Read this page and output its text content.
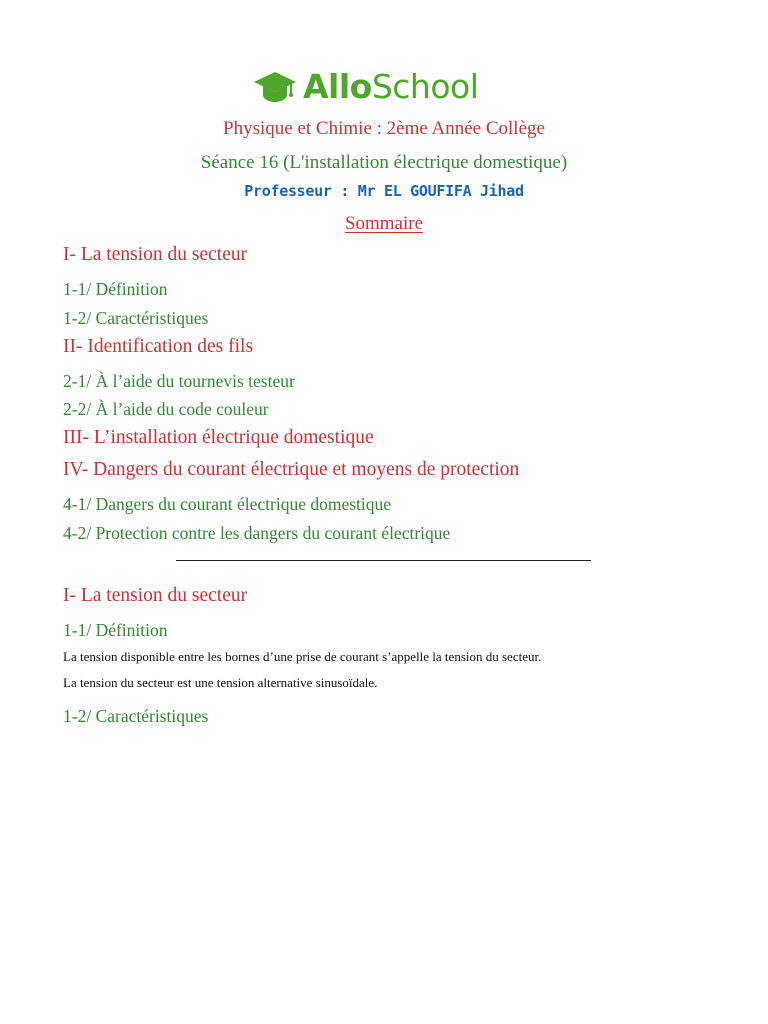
AlloSchool
Physique et Chimie : 2ème Année Collège
Séance 16 (L'installation électrique domestique)
Professeur : Mr EL GOUFIFA Jihad
Sommaire
I- La tension du secteur
1-1/ Définition
1-2/ Caractéristiques
II- Identification des fils
2-1/ À l’aide du tournevis testeur
2-2/ À l’aide du code couleur
III- L’installation électrique domestique
IV- Dangers du courant électrique et moyens de protection
4-1/ Dangers du courant électrique domestique
4-2/ Protection contre les dangers du courant électrique
I- La tension du secteur
1-1/ Définition
La tension disponible entre les bornes d’une prise de courant s’appelle la tension du secteur.
La tension du secteur est une tension alternative sinusoïdale.
1-2/ Caractéristiques
